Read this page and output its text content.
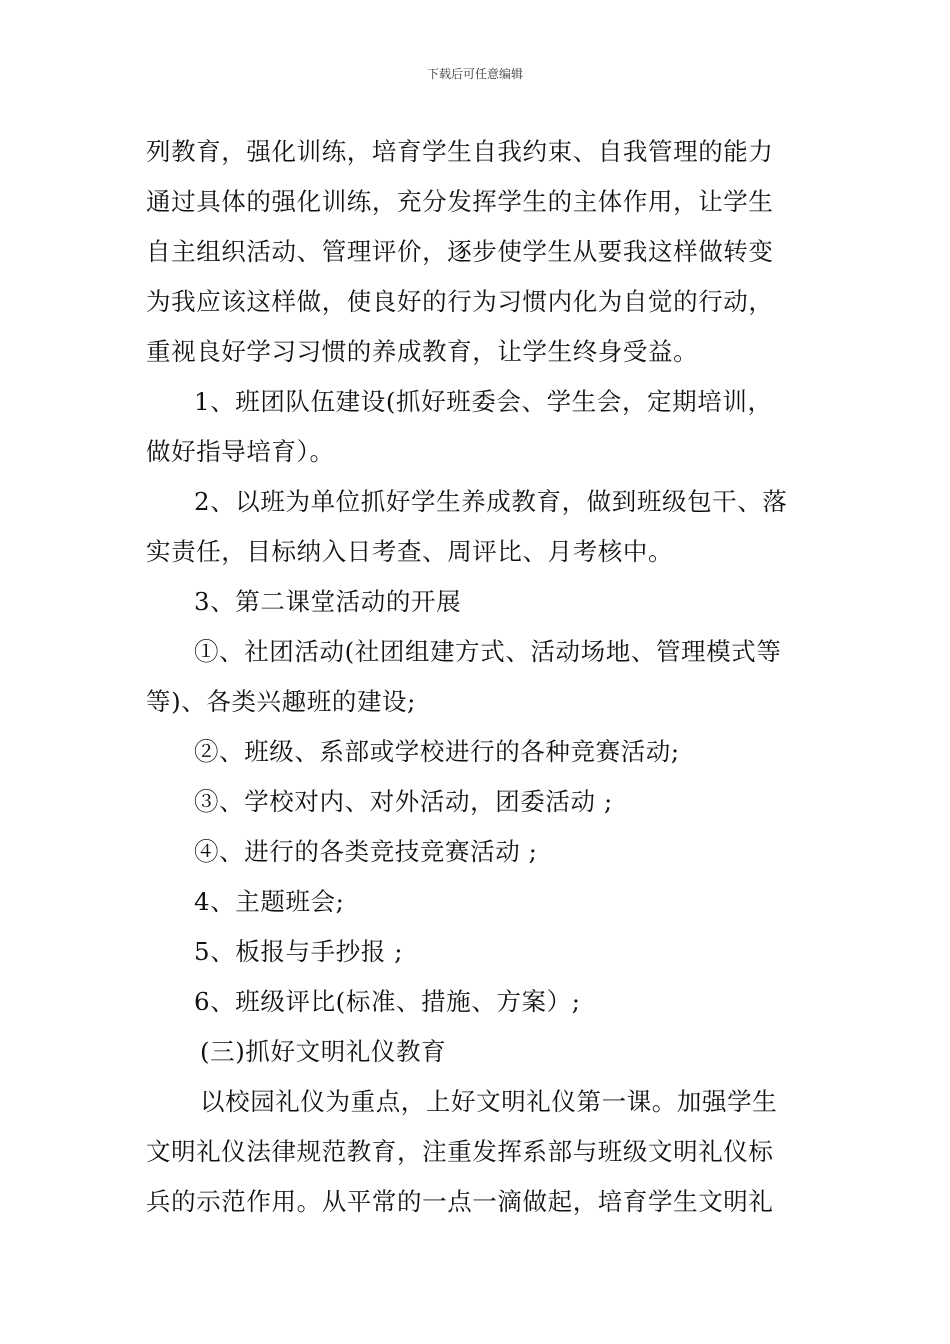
下载后可任意编辑
列教育，强化训练，培育学生自我约束、自我管理的能力
通过具体的强化训练，充分发挥学生的主体作用，让学生
自主组织活动、管理评价，逐步使学生从要我这样做转变
为我应该这样做，使良好的行为习惯内化为自觉的行动，
重视良好学习习惯的养成教育，让学生终身受益。
1、班团队伍建设(抓好班委会、学生会，定期培训，
做好指导培育）。
2、以班为单位抓好学生养成教育，做到班级包干、落
实责任，目标纳入日考查、周评比、月考核中。
3、第二课堂活动的开展
①、社团活动(社团组建方式、活动场地、管理模式等
等)、各类兴趣班的建设;
②、班级、系部或学校进行的各种竞赛活动;
③、学校对内、对外活动，团委活动 ;
④、进行的各类竞技竞赛活动 ;
4、主题班会;
5、板报与手抄报 ;
6、班级评比(标准、措施、方案）;
(三)抓好文明礼仪教育
以校园礼仪为重点，上好文明礼仪第一课。加强学生
文明礼仪法律规范教育，注重发挥系部与班级文明礼仪标
兵的示范作用。从平常的一点一滴做起，培育学生文明礼
